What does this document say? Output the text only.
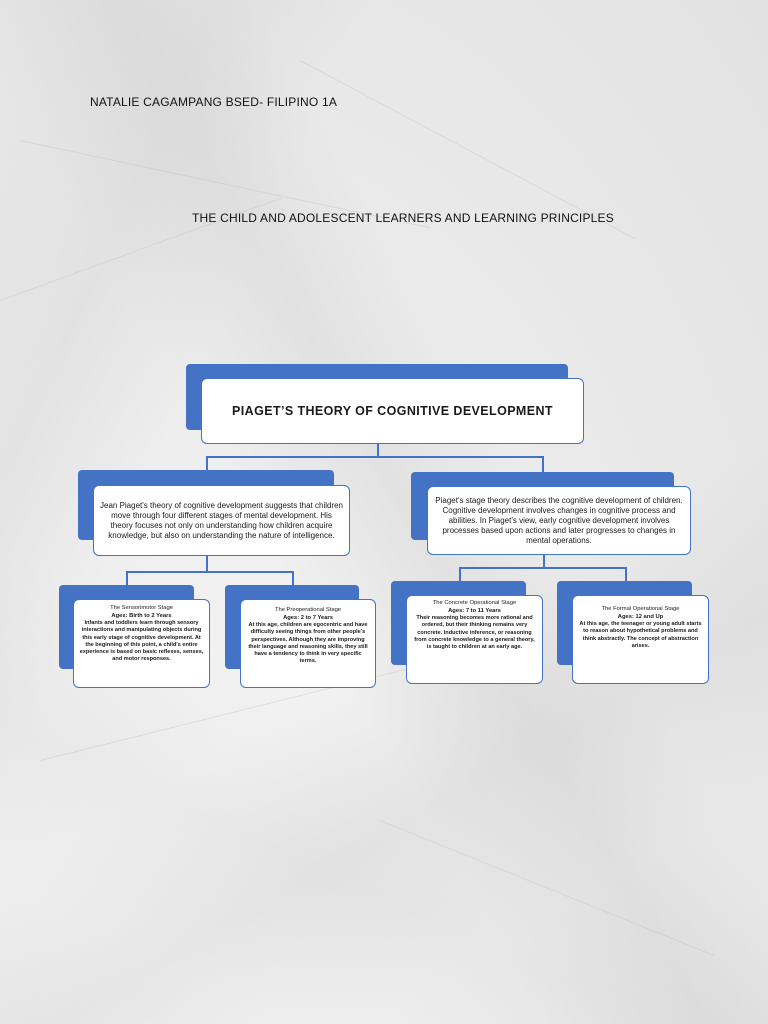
NATALIE CAGAMPANG BSED- FILIPINO 1A
THE CHILD AND ADOLESCENT LEARNERS AND LEARNING PRINCIPLES
PIAGET’S THEORY OF COGNITIVE DEVELOPMENT
Jean Piaget's theory of cognitive development suggests that children move through four different stages of mental development. His theory focuses not only on understanding how children acquire knowledge, but also on understanding the nature of intelligence.
Piaget's stage theory describes the cognitive development of children. Cognitive development involves changes in cognitive process and abilities. In Piaget's view, early cognitive development involves processes based upon actions and later progresses to changes in mental operations.
The Sensorimotor Stage
Ages: Birth to 2 Years
Infants and toddlers learn through sensory interactions and manipulating objects during this early stage of cognitive development. At the beginning of this point, a child's entire experience is based on basic reflexes, senses, and motor responses.
The Preoperational Stage
Ages: 2 to 7 Years
At this age, children are egocentric and have difficulty seeing things from other people's perspectives. Although they are improving their language and reasoning skills, they still have a tendency to think in very specific terms.
The Concrete Operational Stage
Ages: 7 to 11 Years
Their reasoning becomes more rational and ordered, but their thinking remains very concrete. Inductive inference, or reasoning from concrete knowledge to a general theory, is taught to children at an early age.
The Formal Operational Stage
Ages: 12 and Up
At this age, the teenager or young adult starts to reason about hypothetical problems and think abstractly. The concept of abstraction arises.
